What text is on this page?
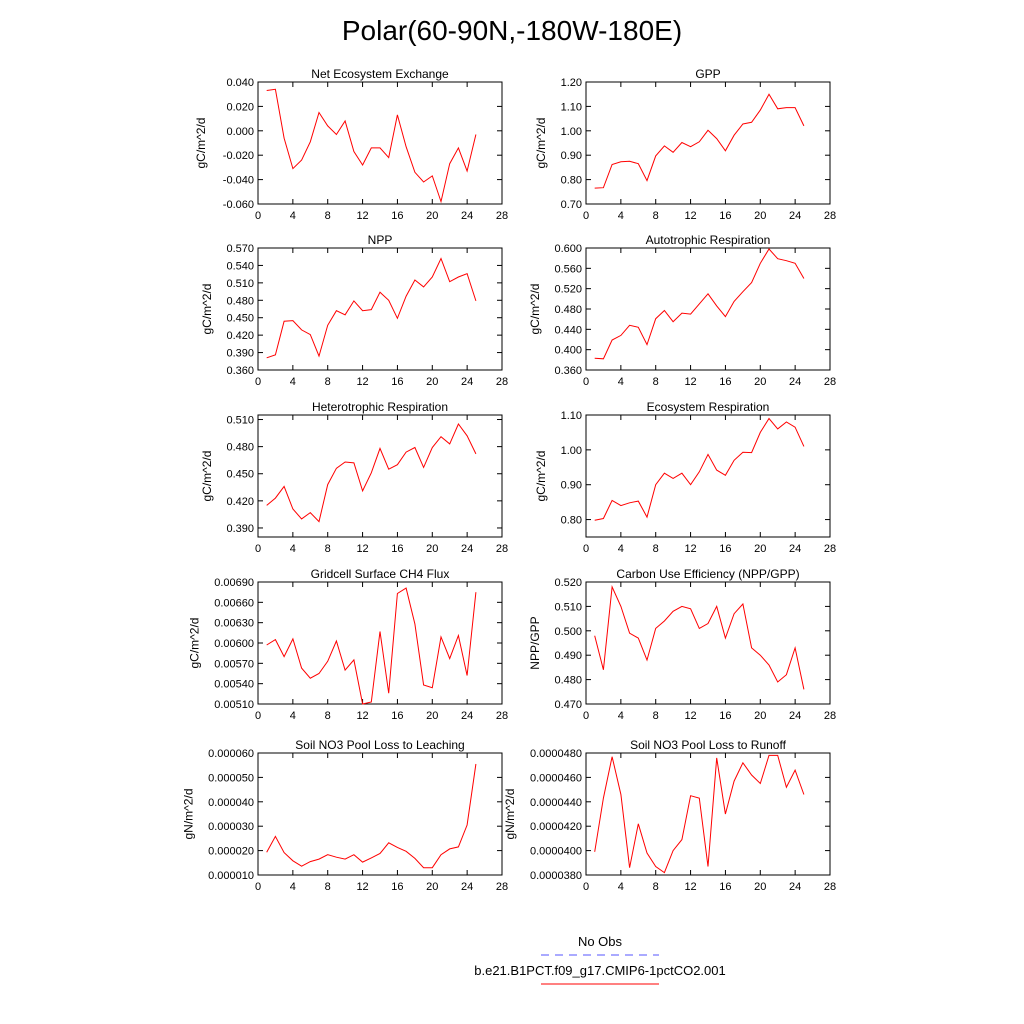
Polar(60-90N,-180W-180E)
Net Ecosystem Exchange
0	4	8 12 16 20 24 28
-0.060
-0.040
-0.020
0.000
0.020
0.040
gC/m^2/d
GPP
0	4	8 12 16 20 24 28
0.70
0.80
0.90
1.00
1.10
1.20
gC/m^2/d
NPP
0	4	8 12 16 20 24 28
0.360
0.390
0.420
0.450
0.480
0.510
0.540
0.570
gC/m^2/d
Autotrophic Respiration
0	4	8 12 16 20 24 28
0.360
0.400
0.440
0.480
0.520
0.560
0.600
gC/m^2/d
Heterotrophic Respiration
0	4	8 12 16 20 24 28
0.390
0.420
0.450
0.480
0.510
gC/m^2/d
Ecosystem Respiration
0	4	8 12 16 20 24 28
0.80
0.90
1.00
1.10
gC/m^2/d
Gridcell Surface CH4 Flux
0	4	8 12 16 20 24 28
0.00510
0.00540
0.00570
0.00600
0.00630
0.00660
0.00690
gC/m^2/d
Carbon Use Efficiency (NPP/GPP)
0	4	8 12 16 20 24 28
0.470
0.480
0.490
0.500
0.510
0.520
NPP/GPP
Soil NO3 Pool Loss to Leaching
0	4	8 12 16 20 24 28
0.000010
0.000020
0.000030
0.000040
0.000050
0.000060
gN/m^2/d
Soil NO3 Pool Loss to Runoff
0	4	8 12 16 20 24 28
0.0000380
0.0000400
0.0000420
0.0000440
0.0000460
0.0000480
gN/m^2/d
No Obs
b.e21.B1PCT.f09_g17.CMIP6-1pctCO2.001
